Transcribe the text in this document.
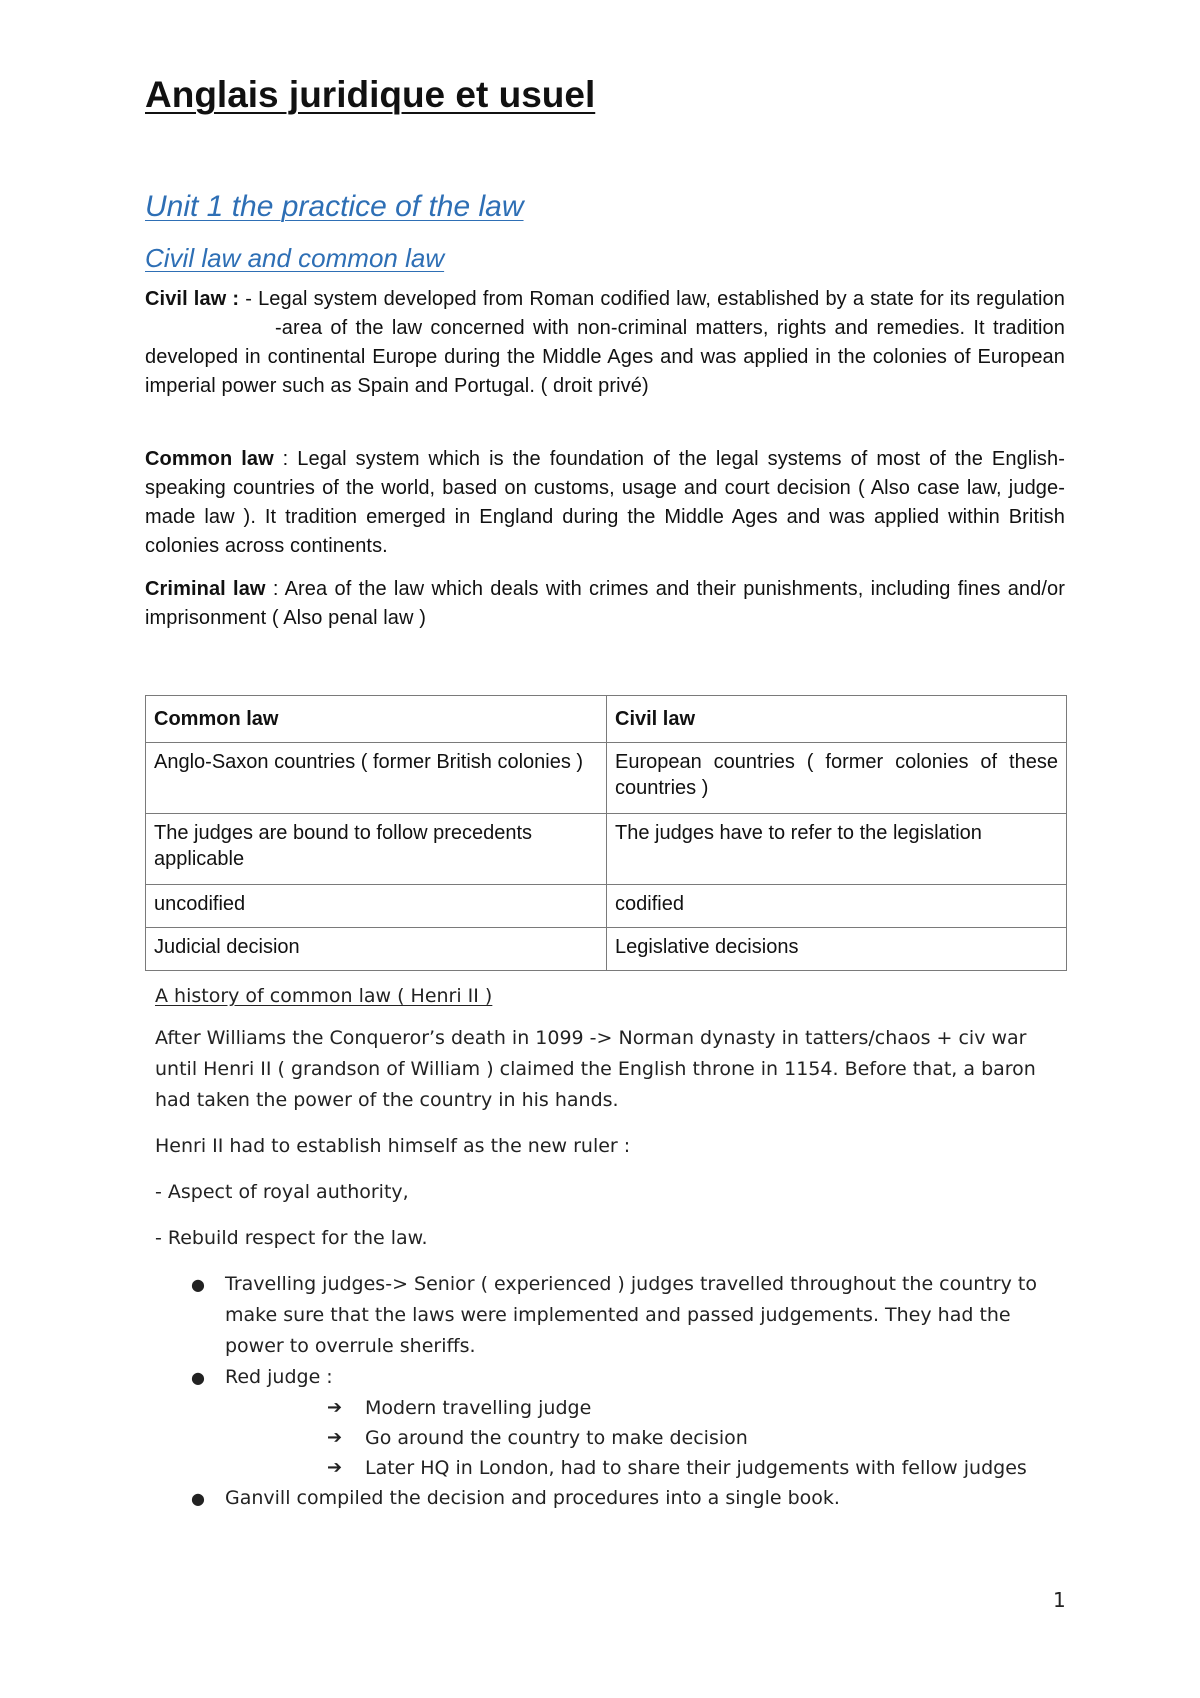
Anglais juridique et usuel
Unit 1 the practice of the law
Civil law and common law

Civil law : - Legal system developed from Roman codified law, established by a state for its regulation-area of the law concerned with non-criminal matters, rights and remedies. It tradition developed in continental Europe during the Middle Ages and was applied in the colonies of European imperial power such as Spain and Portugal. ( droit privé)

Common law : Legal system which is the foundation of the legal systems of most of the English-speaking countries of the world, based on customs, usage and court decision ( Also case law, judge-made law ). It tradition emerged in England during the Middle Ages and was applied within British colonies across continents.

Criminal law : Area of the law which deals with crimes and their punishments, including fines and/or imprisonment ( Also penal law )

Common law	Civil law
Anglo-Saxon countries ( former British colonies )	European countries ( former colonies of these countries )
The judges are bound to follow precedents applicable	The judges have to refer to the legislation
uncodified	codified
Judicial decision	Legislative decisions

A history of common law ( Henri II )

After Williams the Conqueror’s death in 1099 -> Norman dynasty in tatters/chaos + civ war until Henri II ( grandson of William ) claimed the English throne in 1154. Before that, a baron had taken the power of the country in his hands.

Henri II had to establish himself as the new ruler :

- Aspect of royal authority,

- Rebuild respect for the law.

● Travelling judges-> Senior ( experienced ) judges travelled throughout the country to make sure that the laws were implemented and passed judgements. They had the power to overrule sheriffs.
● Red judge :
➔ Modern travelling judge
➔ Go around the country to make decision
➔ Later HQ in London, had to share their judgements with fellow judges
● Ganvill compiled the decision and procedures into a single book.
1
